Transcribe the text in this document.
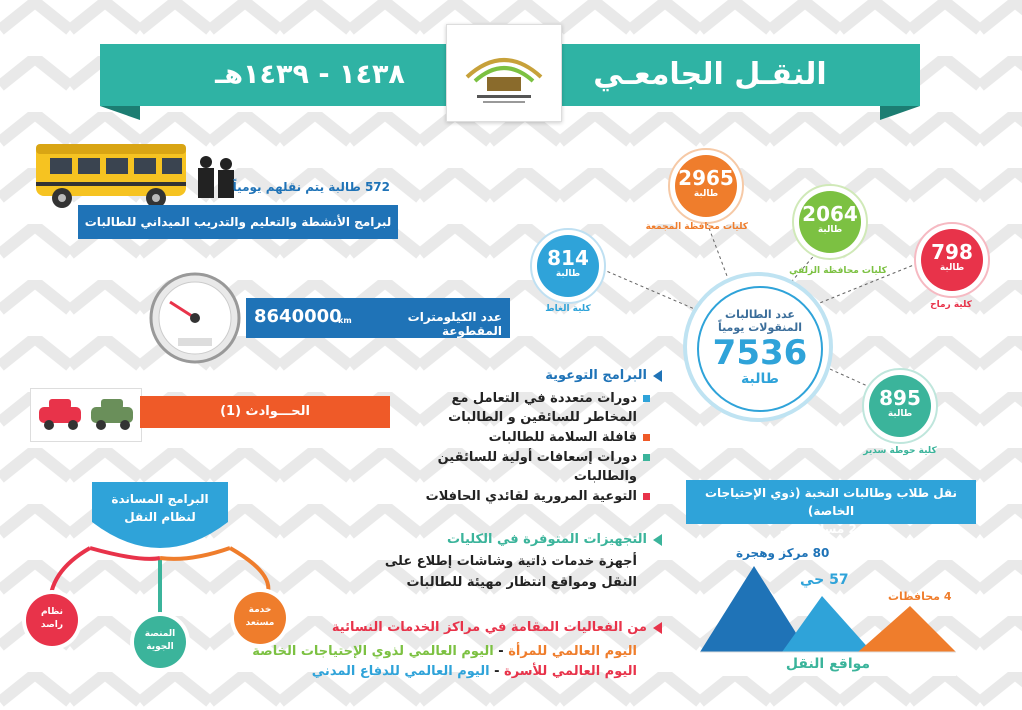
النقـل الجامعـي
١٤٣٨ - ١٤٣٩هـ
572 طالبة يتم نقلهم يومياً
لبرامج الأنشطة والتعليم والتدريب الميداني للطالبات
8640000
km	عدد الكيلومترات المقطوعة
الحـــوادث (1)
البرامج المساندة
لنظام النقل
نظام
راصد
المنصة
الجوية
خدمة
مستعد
عدد الطالبات
المنقولات يومياً
7536
طالبة
2965
طالبة
كليات محافظة المجمعة
2064
طالبة
كليات محافظة الزلفي
798
طالبة
كلية رماح
814
طالبة
كلية الغاط
895
طالبة
كلية حوطة سدير
البرامج التوعوية
دورات متعددة في التعامل مع
المخاطر للسائقين و الطالبات
قافلة السلامة للطالبات
دورات إسعافات أولية للسائقين
والطالبات
التوعية المرورية لقائدي الحافلات	نقل طلاب وطالبات النخبة (ذوي الإحتياجات الخاصة)
عدد 2 مسار خاص
التجهيزات المتوفرة في الكليات
أجهزة خدمات ذاتية وشاشات إطلاع على
النقل ومواقع انتظار مهيئة للطالبات
من الفعاليات المقامة في مراكز الخدمات النسائية
اليوم العالمي للمرأة - اليوم العالمي لذوي الإحتياجات الخاصة
اليوم العالمي للأسرة - اليوم العالمي للدفاع المدني
80 مركز وهجرة
57 حي
4 محافظات
مواقع النقل
